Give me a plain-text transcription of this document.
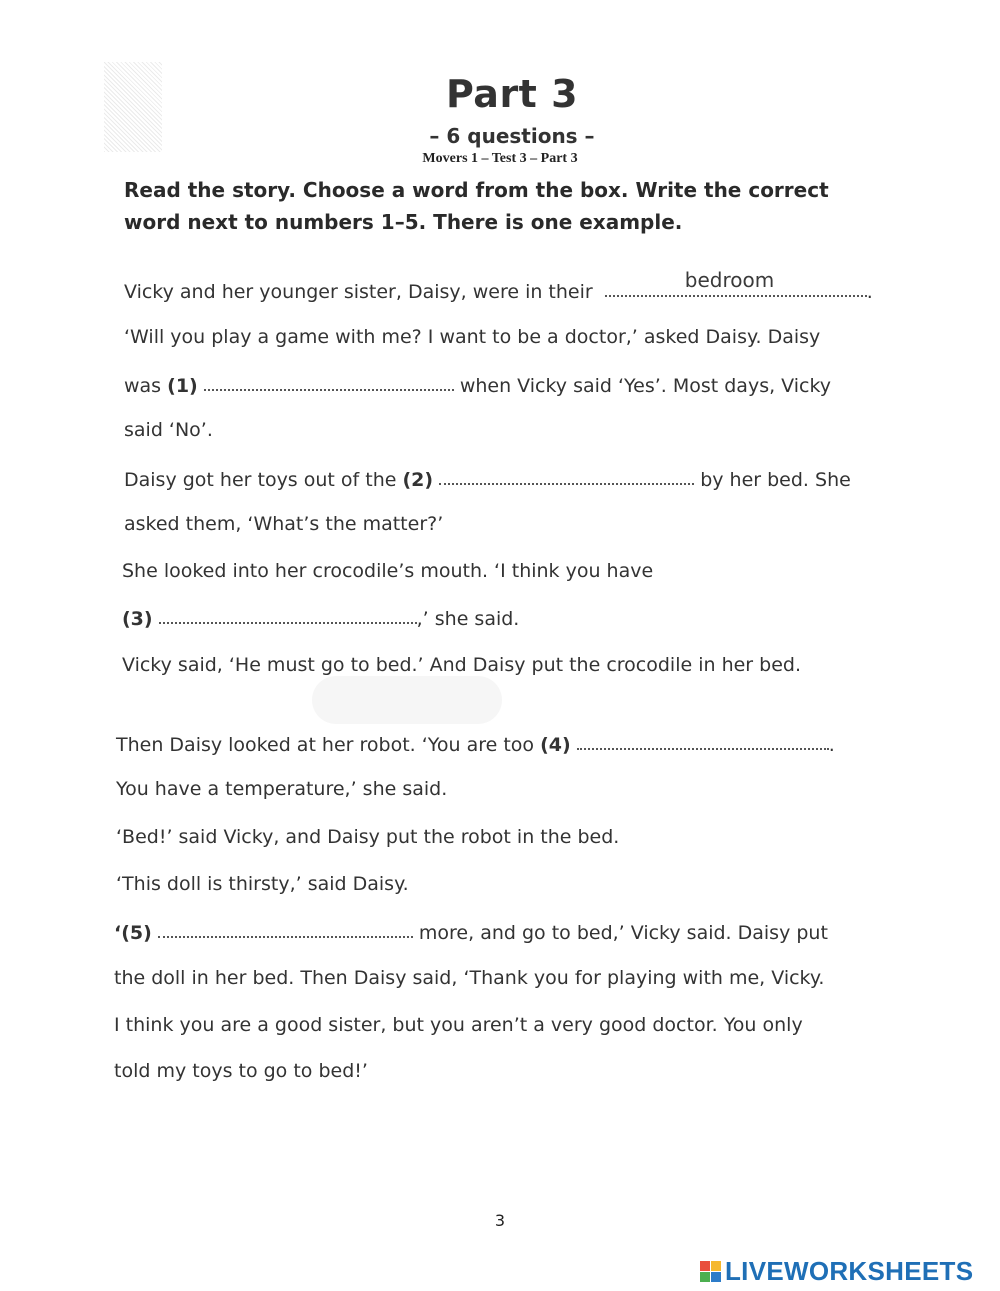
Part 3
– 6 questions –
Movers 1 – Test 3 – Part 3
Read the story. Choose a word from the box. Write the correct
word next to numbers 1–5. There is one example.
Vicky and her younger sister, Daisy, were in their	bedroom	.
‘Will you play a game with me? I want to be a doctor,’ asked Daisy. Daisy
was (1)	when Vicky said ‘Yes’. Most days, Vicky
said ‘No’.
Daisy got her toys out of the (2)	by her bed. She
asked them, ‘What’s the matter?’
She looked into her crocodile’s mouth. ‘I think you have
(3)	,’ she said.
Vicky said, ‘He must go to bed.’ And Daisy put the crocodile in her bed.
Then Daisy looked at her robot. ‘You are too (4)	.
You have a temperature,’ she said.
‘Bed!’ said Vicky, and Daisy put the robot in the bed.
‘This doll is thirsty,’ said Daisy.
‘(5)	more, and go to bed,’ Vicky said. Daisy put
the doll in her bed. Then Daisy said, ‘Thank you for playing with me, Vicky.
I think you are a good sister, but you aren’t a very good doctor. You only
told my toys to go to bed!’
3
LIVEWORKSHEETS
